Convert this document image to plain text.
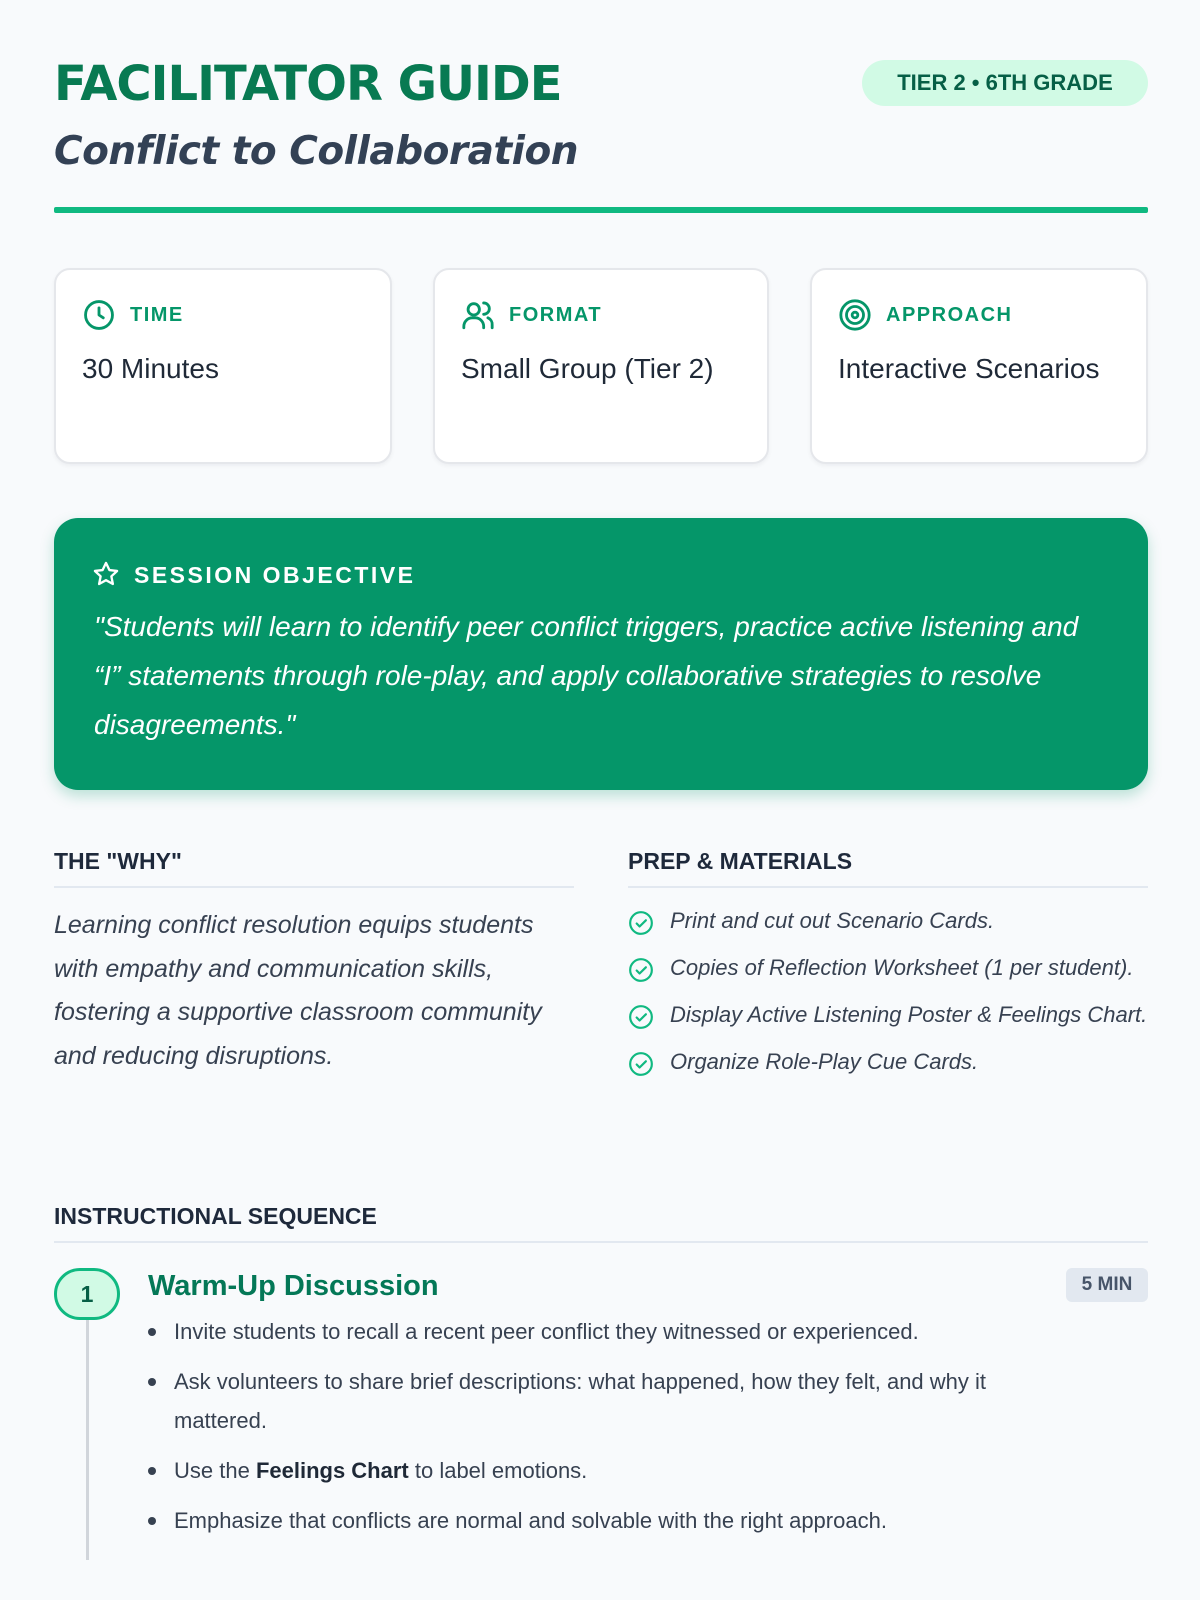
FACILITATOR GUIDE
Conflict to Collaboration
TIER 2 • 6TH GRADE
TIME
30 Minutes
FORMAT
Small Group (Tier 2)
APPROACH
Interactive Scenarios
SESSION OBJECTIVE
"Students will learn to identify peer conflict triggers, practice active listening and “I” statements through role-play, and apply collaborative strategies to resolve disagreements."
THE "WHY"

Learning conflict resolution equips students with empathy and communication skills, fostering a supportive classroom community and reducing disruptions.

PREP & MATERIALS
Print and cut out Scenario Cards.
Copies of Reflection Worksheet (1 per student).
Display Active Listening Poster & Feelings Chart.
Organize Role-Play Cue Cards.
INSTRUCTIONAL SEQUENCE
1	Warm-Up Discussion	5 MIN
Invite students to recall a recent peer conflict they witnessed or experienced.
Ask volunteers to share brief descriptions: what happened, how they felt, and why it mattered.
Use the Feelings Chart to label emotions.
Emphasize that conflicts are normal and solvable with the right approach.
